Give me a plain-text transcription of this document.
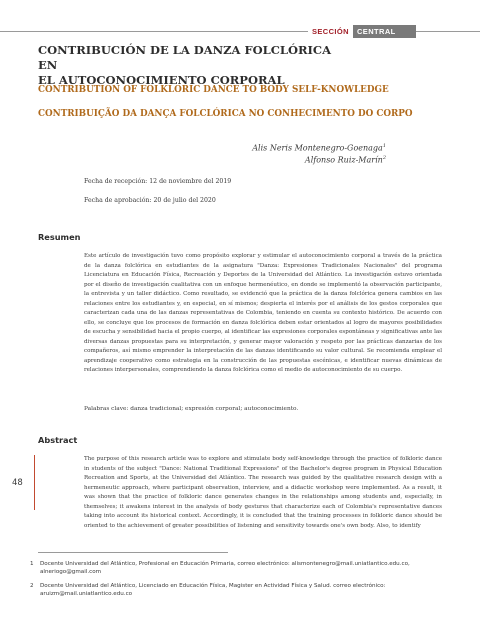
SECCIÓN	CENTRAL
CONTRIBUCIÓN DE LA DANZA FOLCLÓRICA EN
EL AUTOCONOCIMIENTO CORPORAL
CONTRIBUTION OF FOLKLORIC DANCE TO BODY SELF-KNOWLEDGE
CONTRIBUIÇÃO DA DANÇA FOLCLÓRICA NO CONHECIMENTO DO CORPO
Alis Neris Montenegro-Goenaga$^1$
Alfonso Ruiz-Marín$^2$
Fecha de recepción: 12 de noviembre del 2019
Fecha de aprobación: 20 de julio del 2020
Resumen

Este artículo de investigación tuvo como propósito explorar y estimular el autoconocimiento corporal a través de la práctica de la danza folclórica en estudiantes de la asignatura "Danza: Expresiones Tradicionales Nacionales" del programa Licenciatura en Educación Física, Recreación y Deportes de la Universidad del Atlántico. La investigación estuvo orientada por el diseño de investigación cualitativa con un enfoque hermenéutico, en donde se implementó la observación participante, la entrevista y un taller didáctico. Como resultado, se evidenció que la práctica de la danza folclórica genera cambios en las relaciones entre los estudiantes y, en especial, en sí mismos; despierta el interés por el análisis de los gestos corporales que caracterizan cada una de las danzas representativas de Colombia, teniendo en cuenta su contexto histórico. De acuerdo con ello, se concluye que los procesos de formación en danza folclórica deben estar orientados al logro de mayores posibilidades de escucha y sensibilidad hacia el propio cuerpo, al identificar las expresiones corporales espontáneas y significativas ante las diversas danzas propuestas para su interpretación, y generar mayor valoración y respeto por las prácticas danzarias de los compañeros, así mismo emprender la interpretación de las danzas identificando su valor cultural. Se recomienda emplear el aprendizaje cooperativo como estrategia en la construcción de las propuestas escénicas, e identificar nuevas dinámicas de relaciones interpersonales, comprendiendo la danza folclórica como el medio de autoconocimiento de su cuerpo.

Palabras clave: danza tradicional; expresión corporal; autoconocimiento.
Abstract

The purpose of this research article was to explore and stimulate body self-knowledge through the practice of folkloric dance in students of the subject "Dance: National Traditional Expressions" of the Bachelor's degree program in Physical Education Recreation and Sports, at the Universidad del Atlántico. The research was guided by the qualitative research design with a hermeneutic approach, where participant observation, interview, and a didactic workshop were implemented. As a result, it was shown that the practice of folkloric dance generates changes in the relationships among students and, especially, in themselves; it awakens interest in the analysis of body gestures that characterize each of Colombia's representative dances taking into account its historical context. Accordingly, it is concluded that the training processes in folkloric dance should be oriented to the achievement of greater possibilities of listening and sensitivity towards one's own body. Also, to identify

48
1 Docente Universidad del Atlántico, Profesional en Educación Primaria, correo electrónico: alismontenegro@mail.uniatlantico.edu.co, alneriogo@gmail.com
2 Docente Universidad del Atlántico, Licenciado en Educación Física, Magister en Actividad Física y Salud. correo electrónico: aruizm@mail.uniatlantico.edu.co
